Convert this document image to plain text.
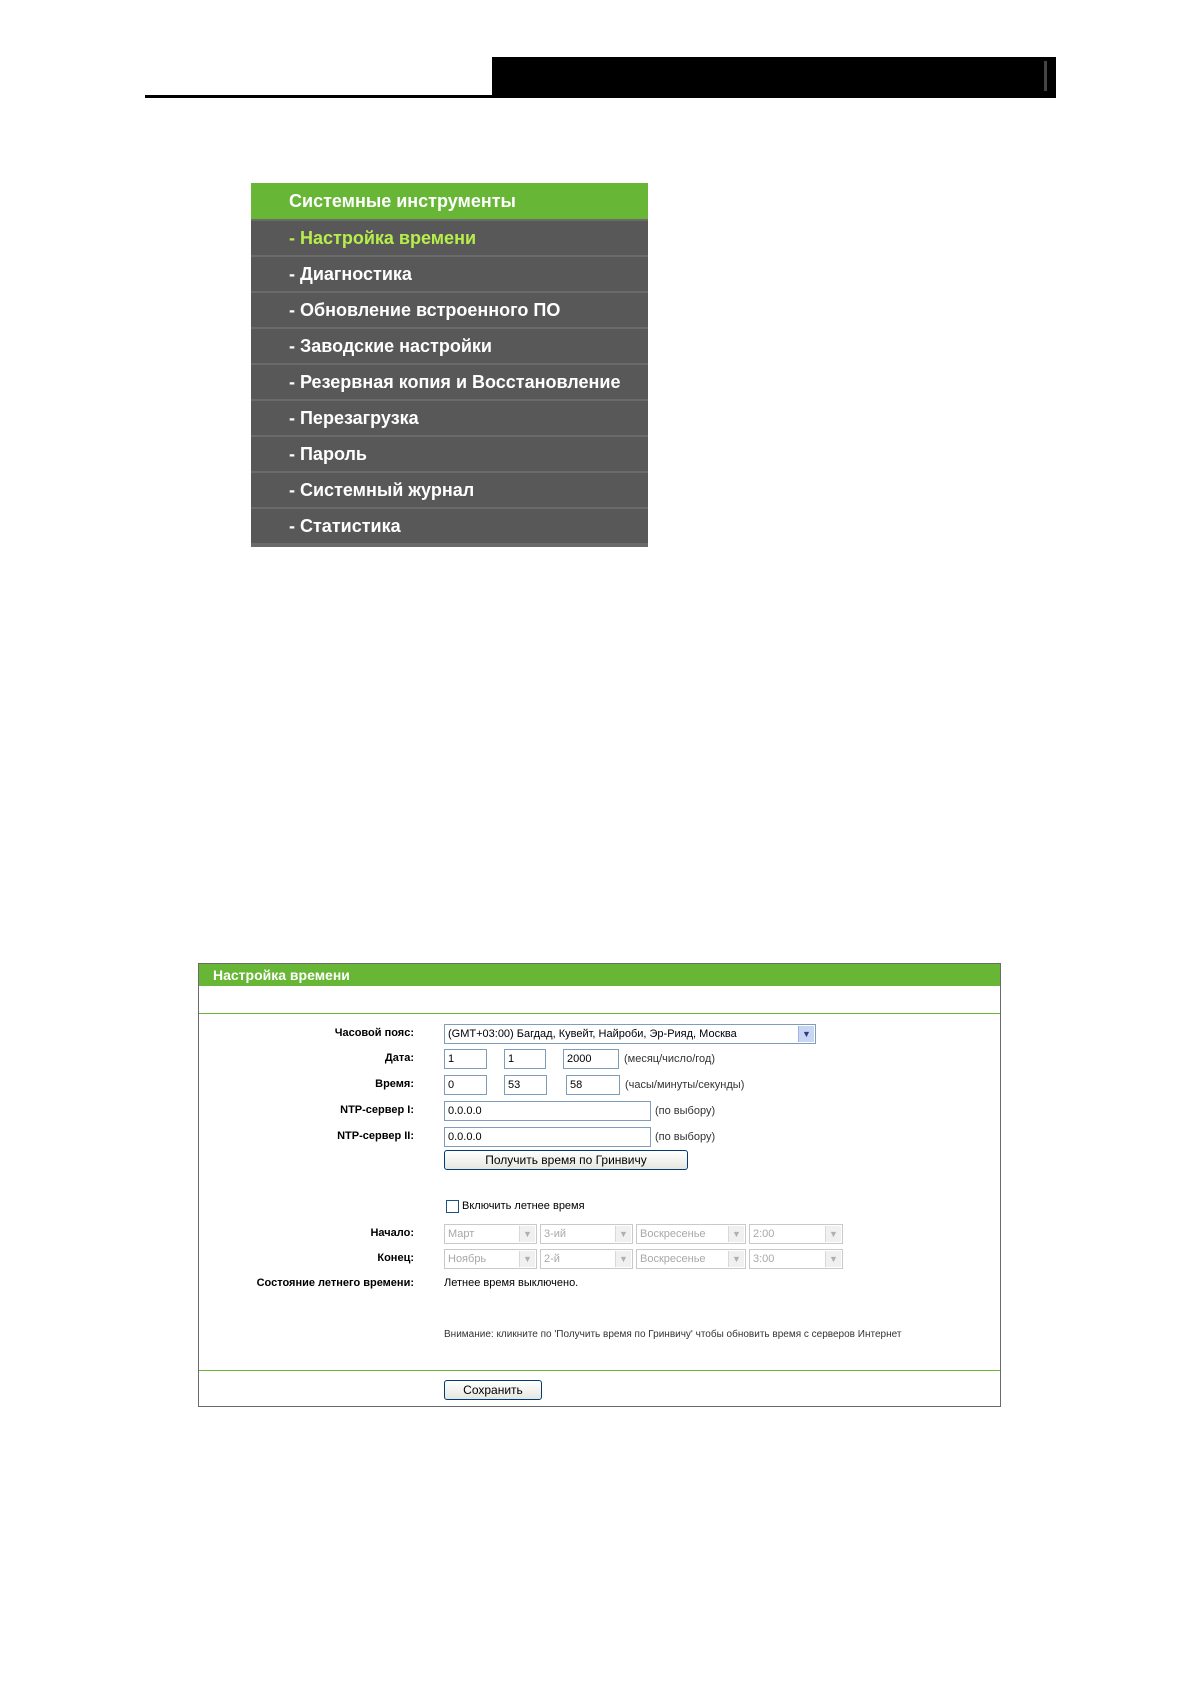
Системные инструменты
- Настройка времени
- Диагностика
- Обновление встроенного ПО
- Заводские настройки
- Резервная копия и Восстановление
- Перезагрузка
- Пароль
- Системный журнал
- Статистика
Настройка времени
Часовой пояс:	(GMT+03:00) Багдад, Кувейт, Найроби, Эр-Рияд, Москва	▼
Дата:	1	1	2000	(месяц/число/год)
Время:	0	53	58	(часы/минуты/секунды)
NTP-сервер I:	0.0.0.0	(по выбору)
NTP-сервер II:	0.0.0.0	(по выбору)
Получить время по Гринвичу
Включить летнее время
Начало:	Март	▼	3-ий	▼	Воскресенье	▼	2:00	▼
Конец:	Ноябрь	▼	2-й	▼	Воскресенье	▼	3:00	▼
Состояние летнего времени:	Летнее время выключено.
Внимание: кликните по 'Получить время по Гринвичу' чтобы обновить время с серверов Интернет
Сохранить
